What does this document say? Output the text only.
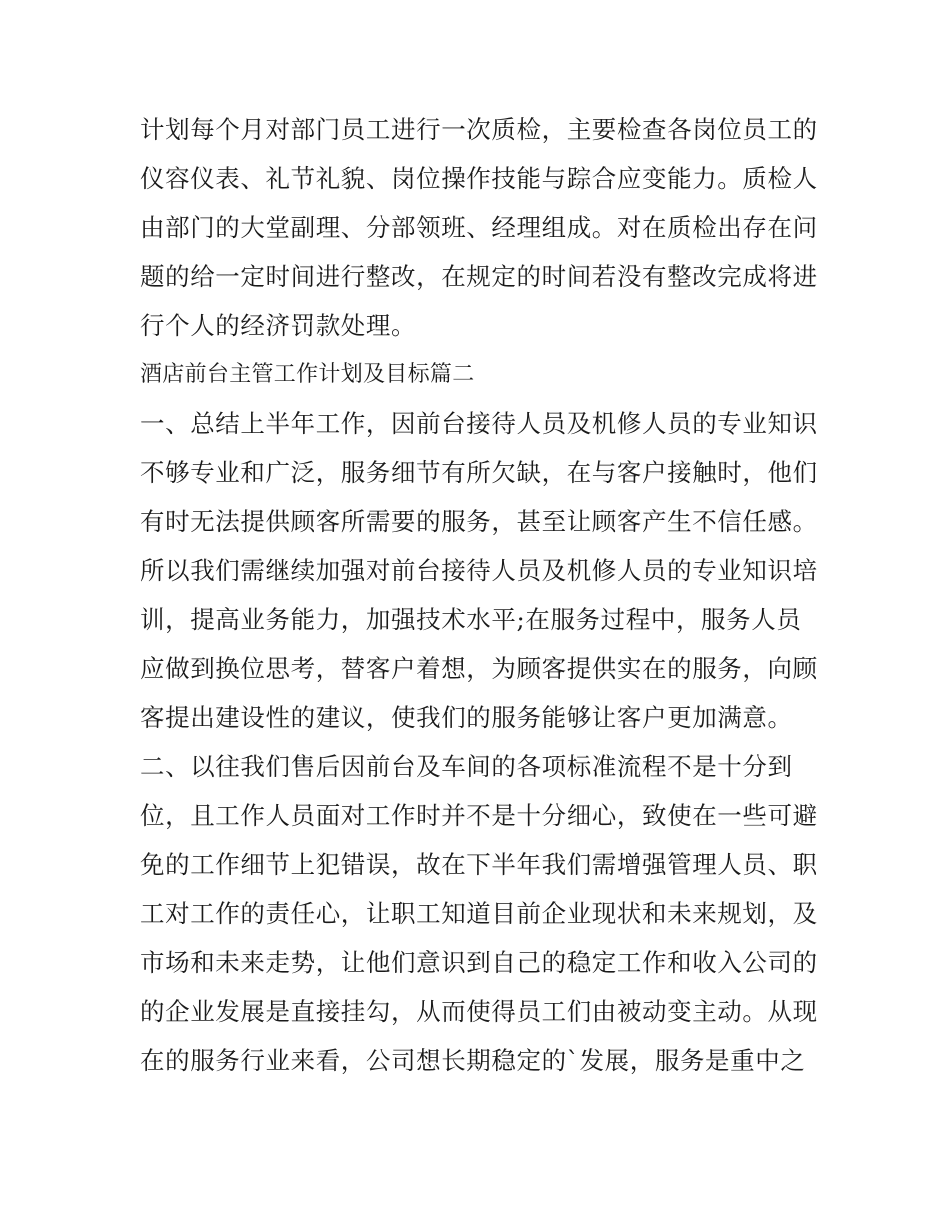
计划每个月对部门员工进行一次质检，主要检查各岗位员工的
仪容仪表、礼节礼貌、岗位操作技能与踪合应变能力。质检人
由部门的大堂副理、分部领班、经理组成。对在质检出存在问
题的给一定时间进行整改，在规定的时间若没有整改完成将进
行个人的经济罚款处理。
酒店前台主管工作计划及目标篇二
一、总结上半年工作，因前台接待人员及机修人员的专业知识
不够专业和广泛，服务细节有所欠缺，在与客户接触时，他们
有时无法提供顾客所需要的服务，甚至让顾客产生不信任感。
所以我们需继续加强对前台接待人员及机修人员的专业知识培
训，提高业务能力，加强技术水平;在服务过程中，服务人员
应做到换位思考，替客户着想，为顾客提供实在的服务，向顾
客提出建设性的建议，使我们的服务能够让客户更加满意。
二、以往我们售后因前台及车间的各项标准流程不是十分到
位，且工作人员面对工作时并不是十分细心，致使在一些可避
免的工作细节上犯错误，故在下半年我们需增强管理人员、职
工对工作的责任心，让职工知道目前企业现状和未来规划，及
市场和未来走势，让他们意识到自己的稳定工作和收入公司的
的企业发展是直接挂勾，从而使得员工们由被动变主动。从现
在的服务行业来看，公司想长期稳定的`发展，服务是重中之
